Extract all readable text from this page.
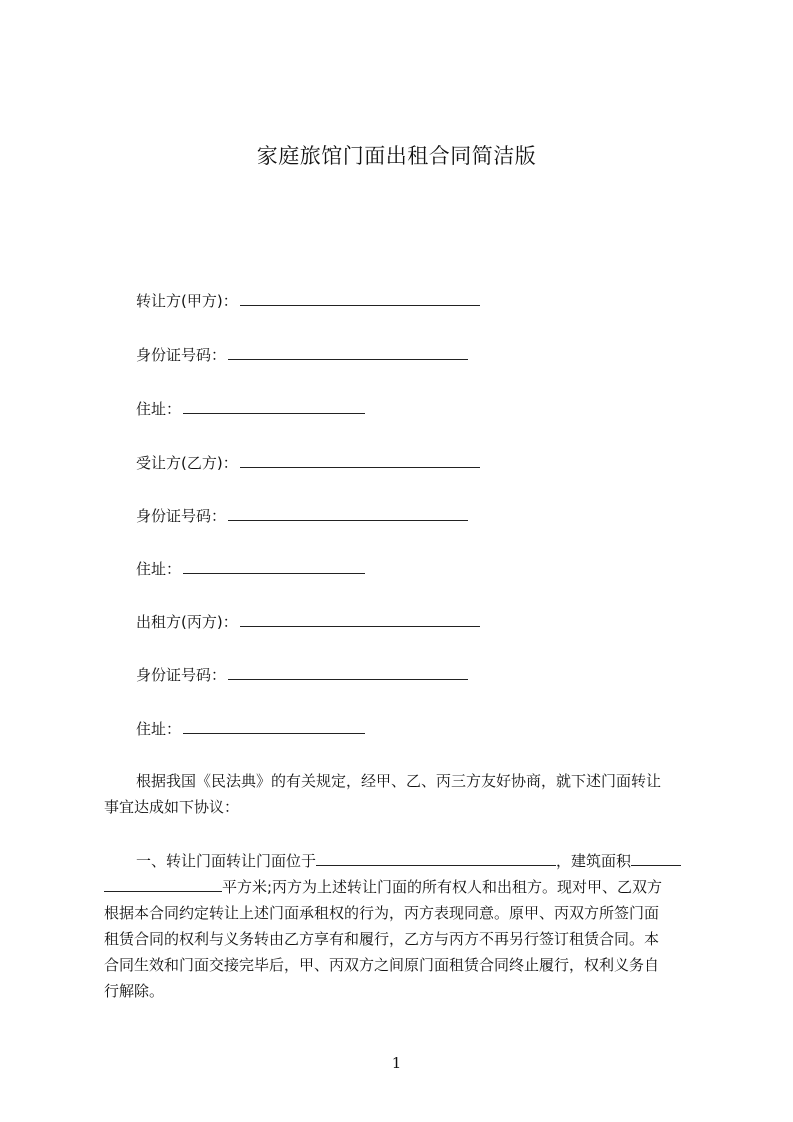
家庭旅馆门面出租合同简洁版
转让方(甲方)：
身份证号码：
住址：
受让方(乙方)：
身份证号码：
住址：
出租方(丙方)：
身份证号码：
住址：
根据我国《民法典》的有关规定，经甲、乙、丙三方友好协商，就下述门面转让
事宜达成如下协议：
一、转让门面转让门面位于	，建筑面积
平方米;丙方为上述转让门面的所有权人和出租方。现对甲、乙双方
根据本合同约定转让上述门面承租权的行为，丙方表现同意。原甲、丙双方所签门面
租赁合同的权利与义务转由乙方享有和履行，乙方与丙方不再另行签订租赁合同。本
合同生效和门面交接完毕后，甲、丙双方之间原门面租赁合同终止履行，权利义务自
行解除。
1
